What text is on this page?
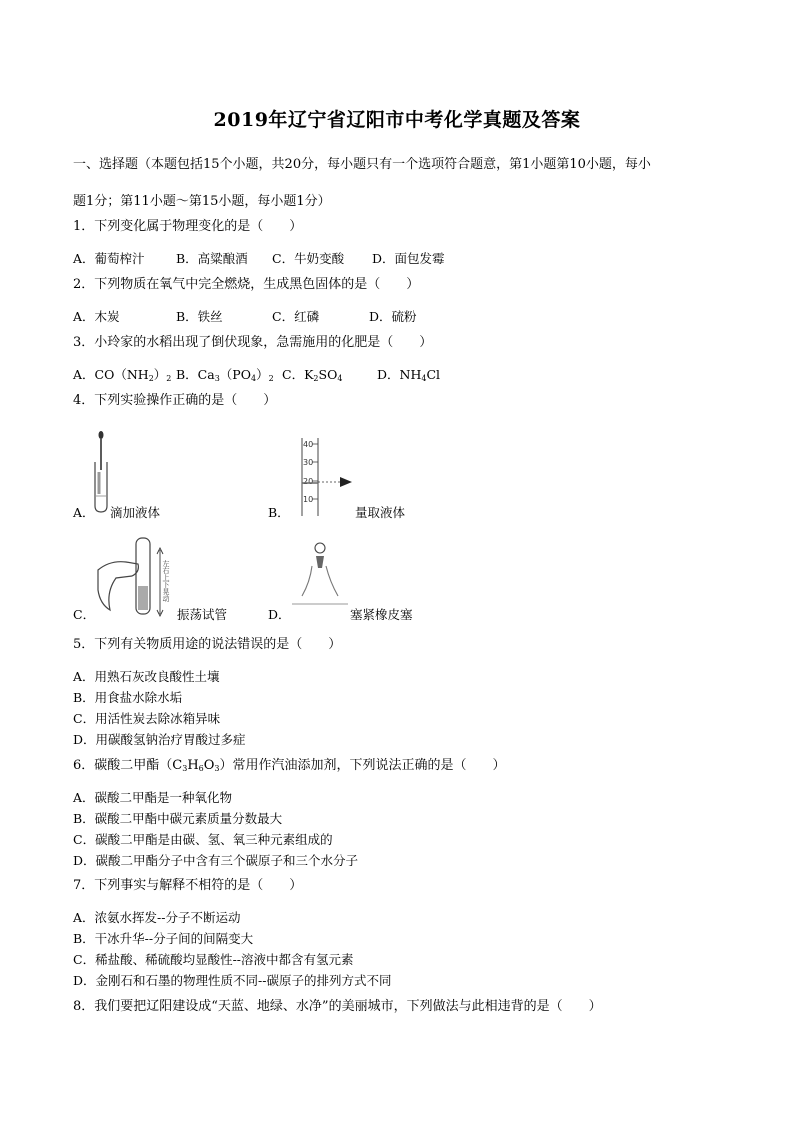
2019年辽宁省辽阳市中考化学真题及答案
一、选择题（本题包括15个小题，共20分，每小题只有一个选项符合题意，第1小题第10小题，每小
题1分；第11小题～第15小题，每小题1分）
1．下列变化属于物理变化的是（　　）
A．葡萄榨汁	B．高粱酿酒 C．牛奶变酸 D．面包发霉
2．下列物质在氧气中完全燃烧，生成黑色固体的是（　　）
A．木炭	B．铁丝	C．红磷	D．硫粉
3．小玲家的水稻出现了倒伏现象，急需施用的化肥是（　　）
A．$CO(NH_2)_2$ B．$Ca_3(PO_4)_2$ C．$K_2SO_4$	D．$NH_4Cl$
4．下列实验操作正确的是（　　）
A． 滴加液体
40
30
20
10
B．	量取液体
左右上下晃动
C．	振荡试管	D．	塞紧橡皮塞
5．下列有关物质用途的说法错误的是（　　）
A．用熟石灰改良酸性土壤
B．用食盐水除水垢
C．用活性炭去除冰箱异味
D．用碳酸氢钠治疗胃酸过多症
6．碳酸二甲酯$(C_3H_6O_3)$常用作汽油添加剂，下列说法正确的是（　　）
A．碳酸二甲酯是一种氧化物
B．碳酸二甲酯中碳元素质量分数最大
C．碳酸二甲酯是由碳、氢、氧三种元素组成的
D．碳酸二甲酯分子中含有三个碳原子和三个水分子
7．下列事实与解释不相符的是（　　）
A．浓氨水挥发--分子不断运动
B．干冰升华--分子间的间隔变大
C．稀盐酸、稀硫酸均显酸性--溶液中都含有氢元素
D．金刚石和石墨的物理性质不同--碳原子的排列方式不同
8．我们要把辽阳建设成“天蓝、地绿、水净”的美丽城市，下列做法与此相违背的是（　　）
